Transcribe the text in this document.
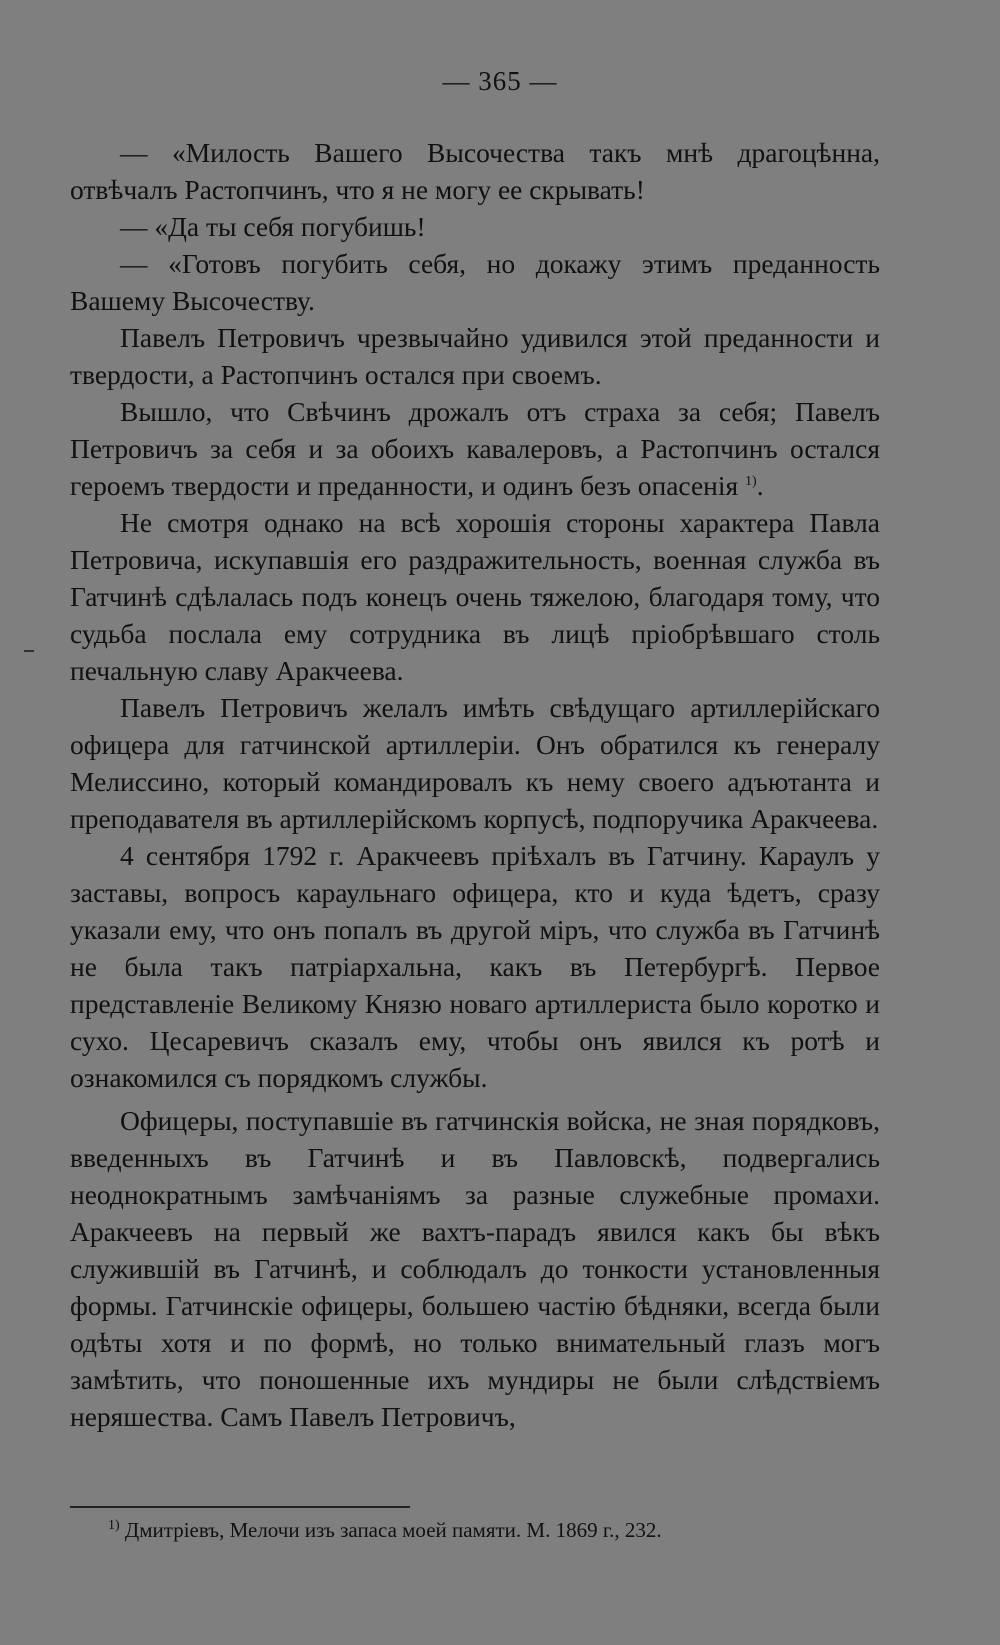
— 365 —

— «Милость Вашего Высочества такъ мнѣ драгоцѣнна, отвѣчалъ Растопчинъ, что я не могу ее скрывать!

— «Да ты себя погубишь!

— «Готовъ погубить себя, но докажу этимъ преданность Вашему Высочеству.

Павелъ Петровичъ чрезвычайно удивился этой преданности и твердости, а Растопчинъ остался при своемъ.

Вышло, что Свѣчинъ дрожалъ отъ страха за себя; Павелъ Петровичъ за себя и за обоихъ кавалеровъ, а Растопчинъ остался героемъ твердости и преданности, и одинъ безъ опасенія $^{1)}$.

Не смотря однако на всѣ хорошія стороны характера Павла Петровича, искупавшія его раздражительность, военная служба въ Гатчинѣ сдѣлалась подъ конецъ очень тяжелою, благодаря тому, что судьба послала ему сотрудника въ лицѣ пріобрѣвшаго столь печальную славу Аракчеева.

Павелъ Петровичъ желалъ имѣть свѣдущаго артиллерійскаго офицера для гатчинской артиллеріи. Онъ обратился къ генералу Мелиссино, который командировалъ къ нему своего адъютанта и преподавателя въ артиллерійскомъ корпусѣ, подпоручика Аракчеева.

4 сентября 1792 г. Аракчеевъ пріѣхалъ въ Гатчину. Караулъ у заставы, вопросъ караульнаго офицера, кто и куда ѣдетъ, сразу указали ему, что онъ попалъ въ другой міръ, что служба въ Гатчинѣ не была такъ патріархальна, какъ въ Петербургѣ. Первое представленіе Великому Князю новаго артиллериста было коротко и сухо. Цесаревичъ сказалъ ему, чтобы онъ явился къ ротѣ и ознакомился съ порядкомъ службы.

Офицеры, поступавшіе въ гатчинскія войска, не зная порядковъ, введенныхъ въ Гатчинѣ и въ Павловскѣ, подвергались неоднократнымъ замѣчаніямъ за разные служебные промахи. Аракчеевъ на первый же вахтъ-парадъ явился какъ бы вѣкъ служившій въ Гатчинѣ, и соблюдалъ до тонкости установленныя формы. Гатчинскіе офицеры, большею частію бѣдняки, всегда были одѣты хотя и по формѣ, но только внимательный глазъ могъ замѣтить, что поношенные ихъ мундиры не были слѣдствіемъ неряшества. Самъ Павелъ Петровичъ,

$^{1)}$ Дмитріевъ, Мелочи изъ запаса моей памяти. М. 1869 г., 232.
